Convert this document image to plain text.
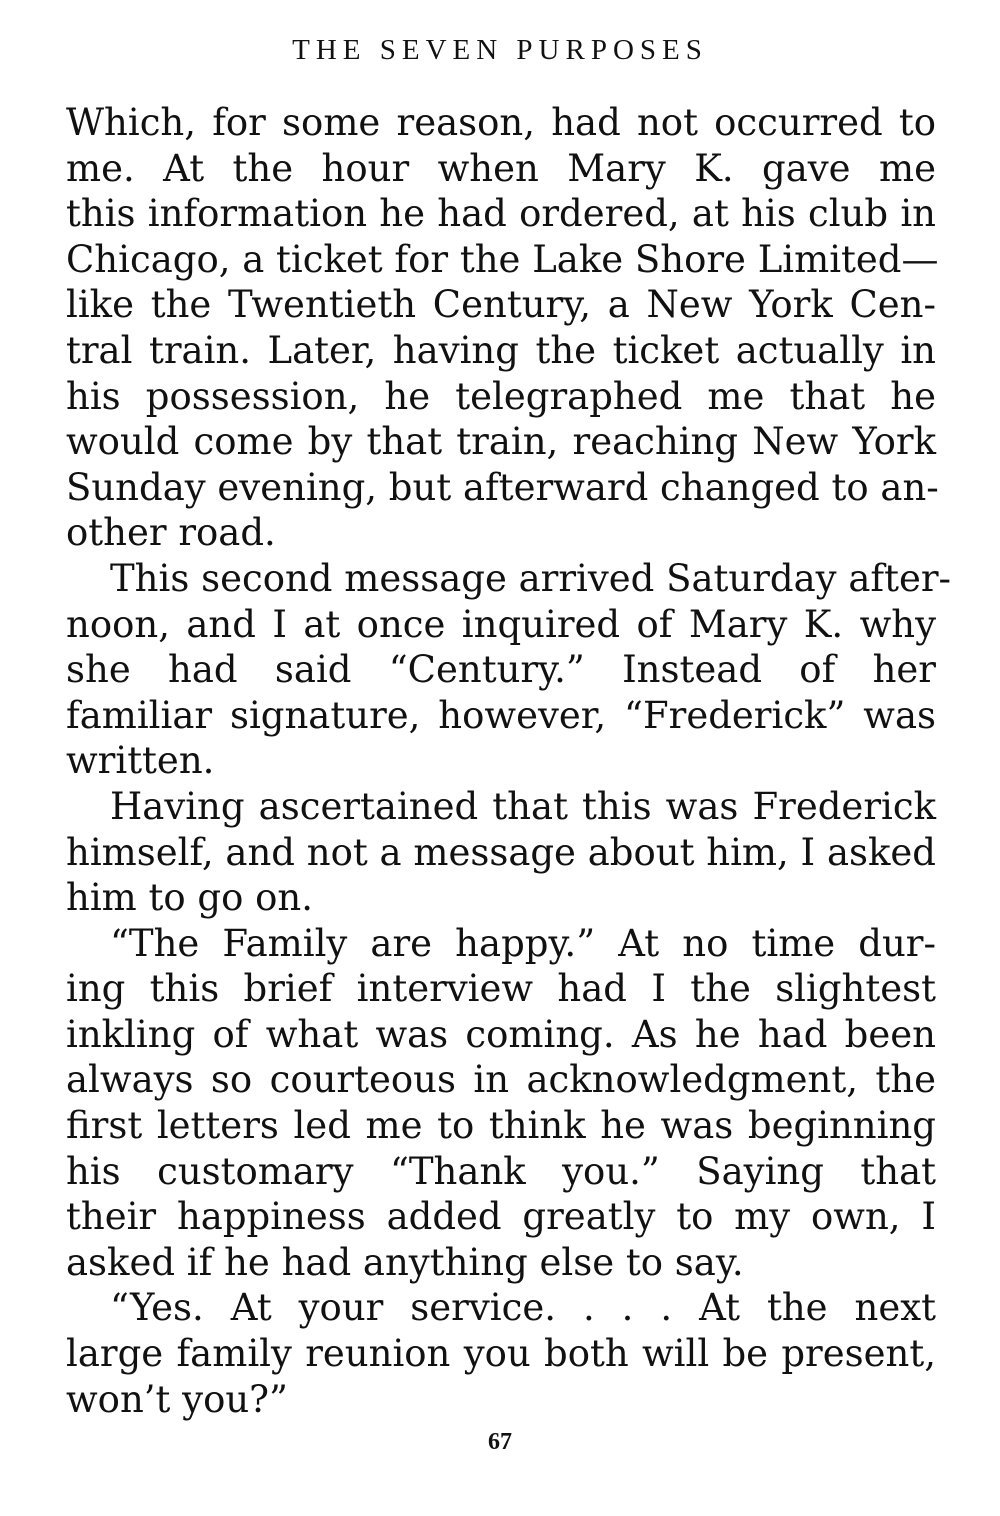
THE SEVEN PURPOSES
Which, for some reason, had not occurred to
me. At the hour when Mary K. gave me
this information he had ordered, at his club in
Chicago, a ticket for the Lake Shore Limited—
like the Twentieth Century, a New York Cen-
tral train. Later, having the ticket actually in
his possession, he telegraphed me that he
would come by that train, reaching New York
Sunday evening, but afterward changed to an-
other road.
This second message arrived Saturday after-
noon, and I at once inquired of Mary K. why
she had said “Century.” Instead of her
familiar signature, however, “Frederick” was
written.
Having ascertained that this was Frederick
himself, and not a message about him, I asked
him to go on.
“The Family are happy.” At no time dur-
ing this brief interview had I the slightest
inkling of what was coming. As he had been
always so courteous in acknowledgment, the
first letters led me to think he was beginning
his customary “Thank you.” Saying that
their happiness added greatly to my own, I
asked if he had anything else to say.
“Yes. At your service. . . . At the next
large family reunion you both will be present,
won’t you?”
67
